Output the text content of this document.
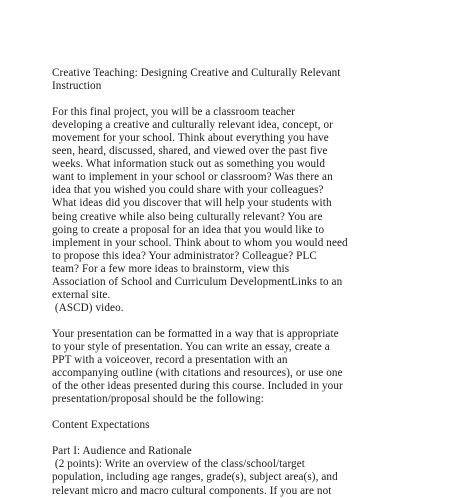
Creative Teaching: Designing Creative and Culturally Relevant
Instruction
For this final project, you will be a classroom teacher
developing a creative and culturally relevant idea, concept, or
movement for your school. Think about everything you have
seen, heard, discussed, shared, and viewed over the past five
weeks. What information stuck out as something you would
want to implement in your school or classroom? Was there an
idea that you wished you could share with your colleagues?
What ideas did you discover that will help your students with
being creative while also being culturally relevant? You are
going to create a proposal for an idea that you would like to
implement in your school. Think about to whom you would need
to propose this idea? Your administrator? Colleague? PLC
team? For a few more ideas to brainstorm, view this
Association of School and Curriculum DevelopmentLinks to an
external site.
(ASCD) video.
Your presentation can be formatted in a way that is appropriate
to your style of presentation. You can write an essay, create a
PPT with a voiceover, record a presentation with an
accompanying outline (with citations and resources), or use one
of the other ideas presented during this course. Included in your
presentation/proposal should be the following:
Content Expectations
Part I: Audience and Rationale
(2 points): Write an overview of the class/school/target
population, including age ranges, grade(s), subject area(s), and
relevant micro and macro cultural components. If you are not
